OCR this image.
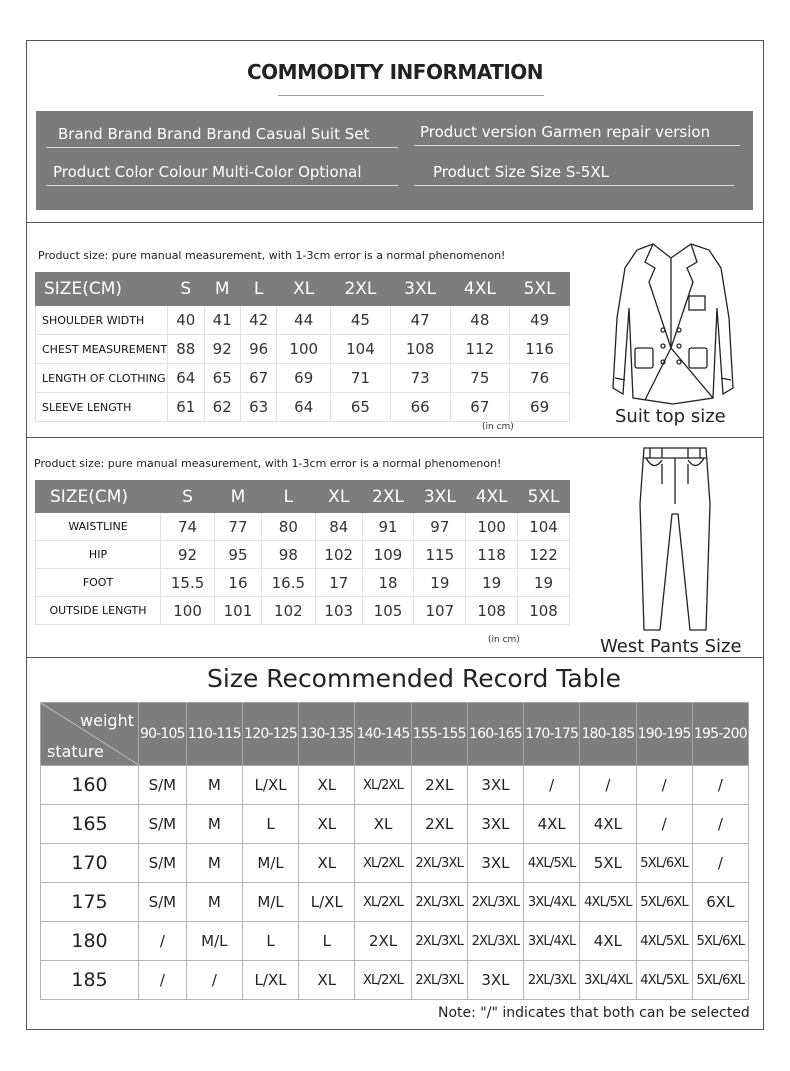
COMMODITY INFORMATION
Brand Brand Brand Brand Casual Suit Set	Product version Garmen repair version
Product Color Colour Multi-Color Optional	Product Size Size S-5XL
Product size: pure manual measurement, with 1-3cm error is a normal phenomenon!
SIZE(CM)	S	M	L	XL	2XL	3XL	4XL	5XL
SHOULDER WIDTH	40	41	42	44	45	47	48	49
CHEST MEASUREMENT	88	92	96	100	104	108	112	116
LENGTH OF CLOTHING	64	65	67	69	71	73	75	76
SLEEVE LENGTH	61	62	63	64	65	66	67	69
(in cm)	Suit top size
Product size: pure manual measurement, with 1-3cm error is a normal phenomenon!
SIZE(CM)	S	M	L	XL	2XL	3XL	4XL	5XL
WAISTLINE	74	77	80	84	91	97	100	104
HIP	92	95	98	102	109	115	118	122
FOOT	15.5	16	16.5	17	18	19	19	19
OUTSIDE LENGTH	100	101	102	103	105	107	108	108
(in cm)	West Pants Size
Size Recommended Record Table
weight
stature	90-105	110-115	120-125	130-135	140-145	155-155	160-165	170-175	180-185	190-195	195-200
160	S/M	M	L/XL	XL	XL/2XL	2XL	3XL	/	/	/	/
165	S/M	M	L	XL	XL	2XL	3XL	4XL	4XL	/	/
170	S/M	M	M/L	XL	XL/2XL	2XL/3XL	3XL	4XL/5XL	5XL	5XL/6XL	/
175	S/M	M	M/L	L/XL	XL/2XL	2XL/3XL	2XL/3XL	3XL/4XL	4XL/5XL	5XL/6XL	6XL
180	/	M/L	L	L	2XL	2XL/3XL	2XL/3XL	3XL/4XL	4XL	4XL/5XL	5XL/6XL
185	/	/	L/XL	XL	XL/2XL	2XL/3XL	3XL	2XL/3XL	3XL/4XL	4XL/5XL	5XL/6XL
Note: "/" indicates that both can be selected
